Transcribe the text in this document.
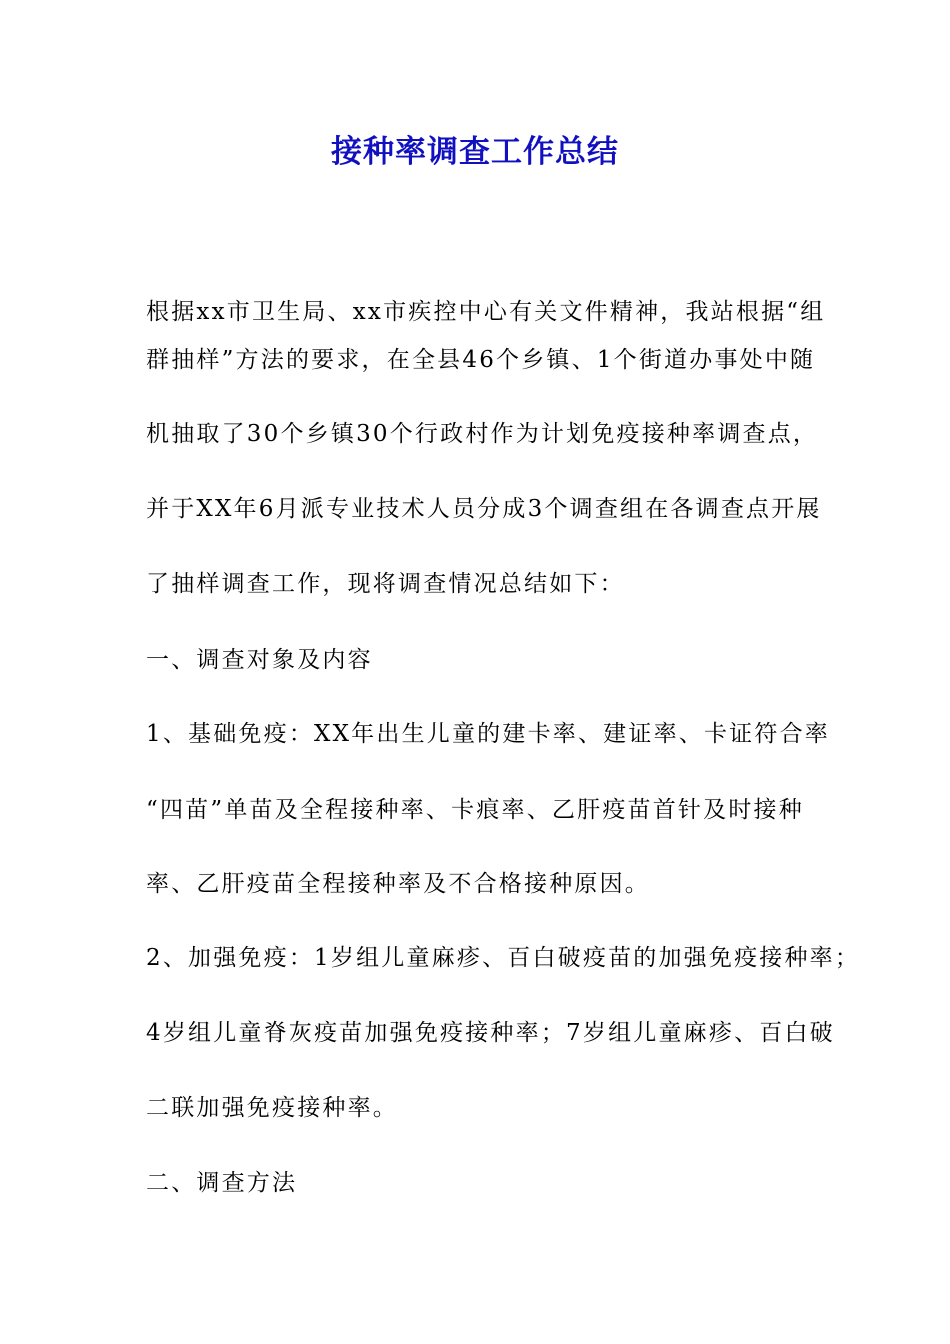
接种率调查工作总结

根据xx市卫生局、xx市疾控中心有关文件精神，我站根据“组

群抽样”方法的要求，在全县46个乡镇、1个街道办事处中随

机抽取了30个乡镇30个行政村作为计划免疫接种率调查点，

并于XX年6月派专业技术人员分成3个调查组在各调查点开展

了抽样调查工作，现将调查情况总结如下：

一、调查对象及内容

1、基础免疫：XX年出生儿童的建卡率、建证率、卡证符合率

“四苗”单苗及全程接种率、卡痕率、乙肝疫苗首针及时接种

率、乙肝疫苗全程接种率及不合格接种原因。

2、加强免疫：1岁组儿童麻疹、百白破疫苗的加强免疫接种率；

4岁组儿童脊灰疫苗加强免疫接种率；7岁组儿童麻疹、百白破

二联加强免疫接种率。

二、调查方法
